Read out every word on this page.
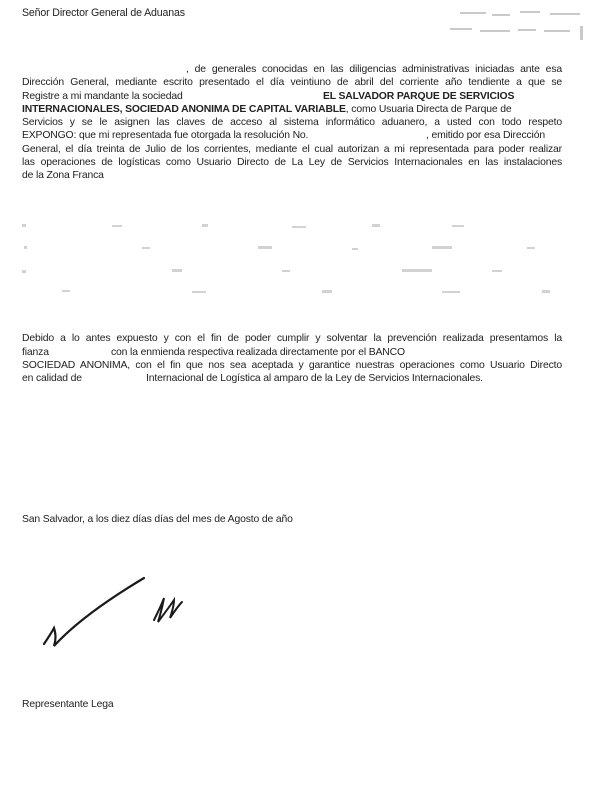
Señor Director General de Aduanas
, de generales conocidas en las diligencias administrativas iniciadas ante esa
Dirección General, mediante escrito presentado el día veintiuno de abril del corriente año tendiente a que se
Registre a mi mandante la sociedad	EL SALVADOR PARQUE DE SERVICIOS
INTERNACIONALES, SOCIEDAD ANONIMA DE CAPITAL VARIABLE, como Usuaria Directa de Parque de
Servicios y se le asignen las claves de acceso al sistema informático aduanero, a usted con todo respeto
EXPONGO: que mi representada fue otorgada la resolución No.	, emitido por esa Dirección
General, el día treinta de Julio de los corrientes, mediante el cual autorizan a mi representada para poder realizar
las operaciones de logísticas como Usuario Directo de La Ley de Servicios Internacionales en las instalaciones
de la Zona Franca
Debido a lo antes expuesto y con el fin de poder cumplir y solventar la prevención realizada presentamos la
fianza	con la enmienda respectiva realizada directamente por el BANCO
SOCIEDAD ANONIMA, con el fin que nos sea aceptada y garantice nuestras operaciones como Usuario Directo
en calidad de	Internacional de Logística al amparo de la Ley de Servicios Internacionales.
San Salvador, a los diez días días del mes de Agosto de año
Representante Lega
